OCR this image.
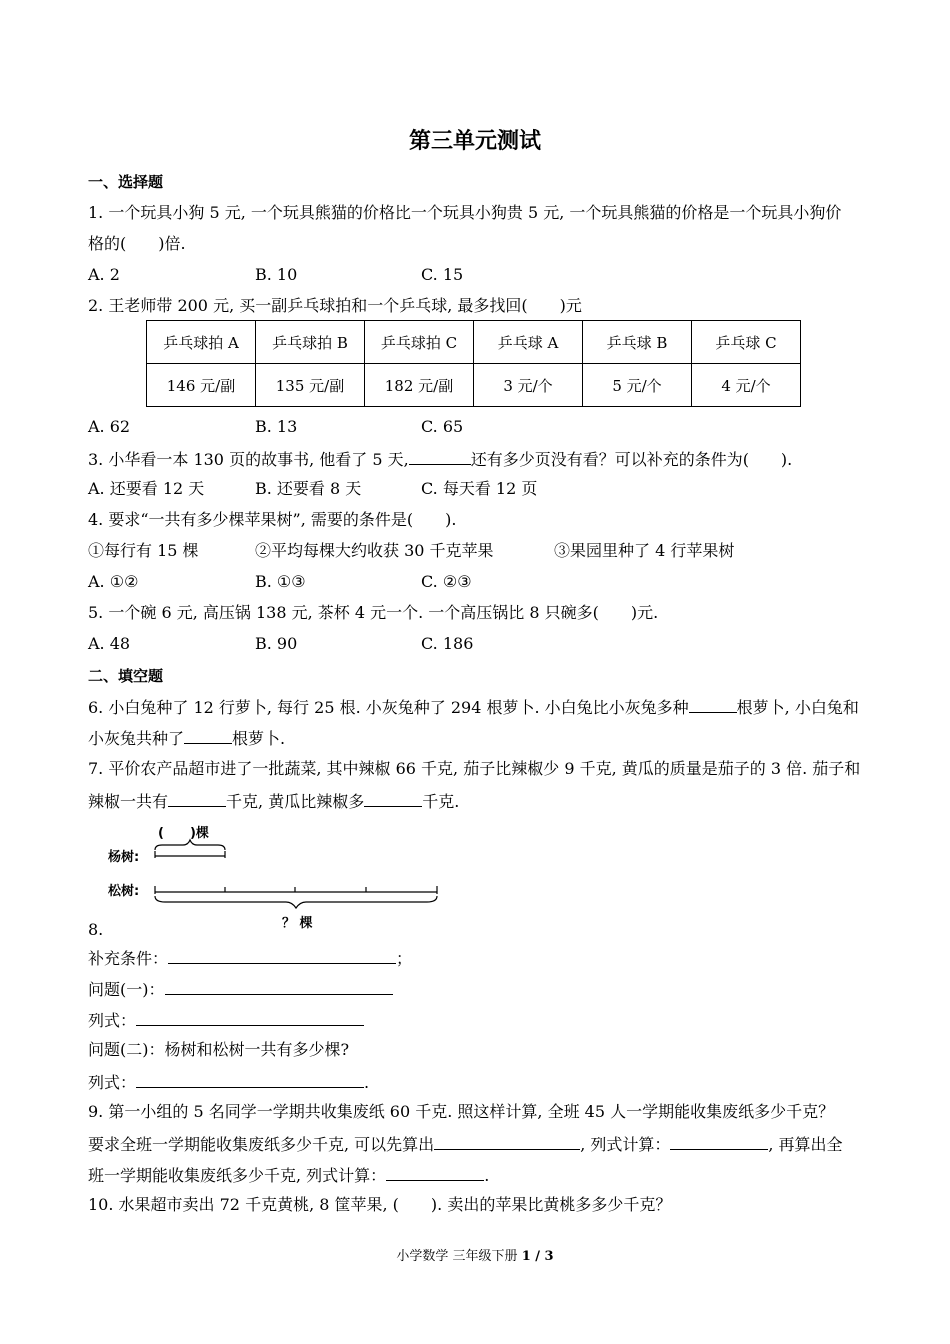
第三单元测试
一、选择题
1. 一个玩具小狗 5 元, 一个玩具熊猫的价格比一个玩具小狗贵 5 元, 一个玩具熊猫的价格是一个玩具小狗价
格的(　　)倍.
A. 2	B. 10	C. 15
2. 王老师带 200 元, 买一副乒乓球拍和一个乒乓球, 最多找回(　　)元
乒乓球拍 A	乒乓球拍 B	乒乓球拍 C	乒乓球 A	乒乓球 B	乒乓球 C
146 元/副	135 元/副	182 元/副	3 元/个	5 元/个	4 元/个
A. 62	B. 13	C. 65
3. 小华看一本 130 页的故事书, 他看了 5 天,	还有多少页没有看？可以补充的条件为(　　).
A. 还要看 12 天	B. 还要看 8 天	C. 每天看 12 页
4. 要求“一共有多少棵苹果树”, 需要的条件是(　　).
①每行有 15 棵	②平均每棵大约收获 30 千克苹果	③果园里种了 4 行苹果树
A. ①②	B. ①③	C. ②③
5. 一个碗 6 元, 高压锅 138 元, 茶杯 4 元一个. 一个高压锅比 8 只碗多(　　)元.
A. 48	B. 90	C. 186
二、填空题
6. 小白兔种了 12 行萝卜, 每行 25 根. 小灰兔种了 294 根萝卜. 小白兔比小灰兔多种	根萝卜, 小白兔和
小灰兔共种了	根萝卜.
7. 平价农产品超市进了一批蔬菜, 其中辣椒 66 千克, 茄子比辣椒少 9 千克, 黄瓜的质量是茄子的 3 倍. 茄子和
辣椒一共有	千克, 黄瓜比辣椒多	千克.
(　　)棵
杨树:
松树:
？ 棵
8.
补充条件：	；
问题(一)：
列式：
问题(二)：杨树和松树一共有多少棵?
列式：	.
9. 第一小组的 5 名同学一学期共收集废纸 60 千克. 照这样计算, 全班 45 人一学期能收集废纸多少千克？
要求全班一学期能收集废纸多少千克, 可以先算出	, 列式计算：	, 再算出全
班一学期能收集废纸多少千克, 列式计算：	.
10. 水果超市卖出 72 千克黄桃, 8 筐苹果, (　　). 卖出的苹果比黄桃多多少千克？
小学数学 三年级下册 1 / 3
